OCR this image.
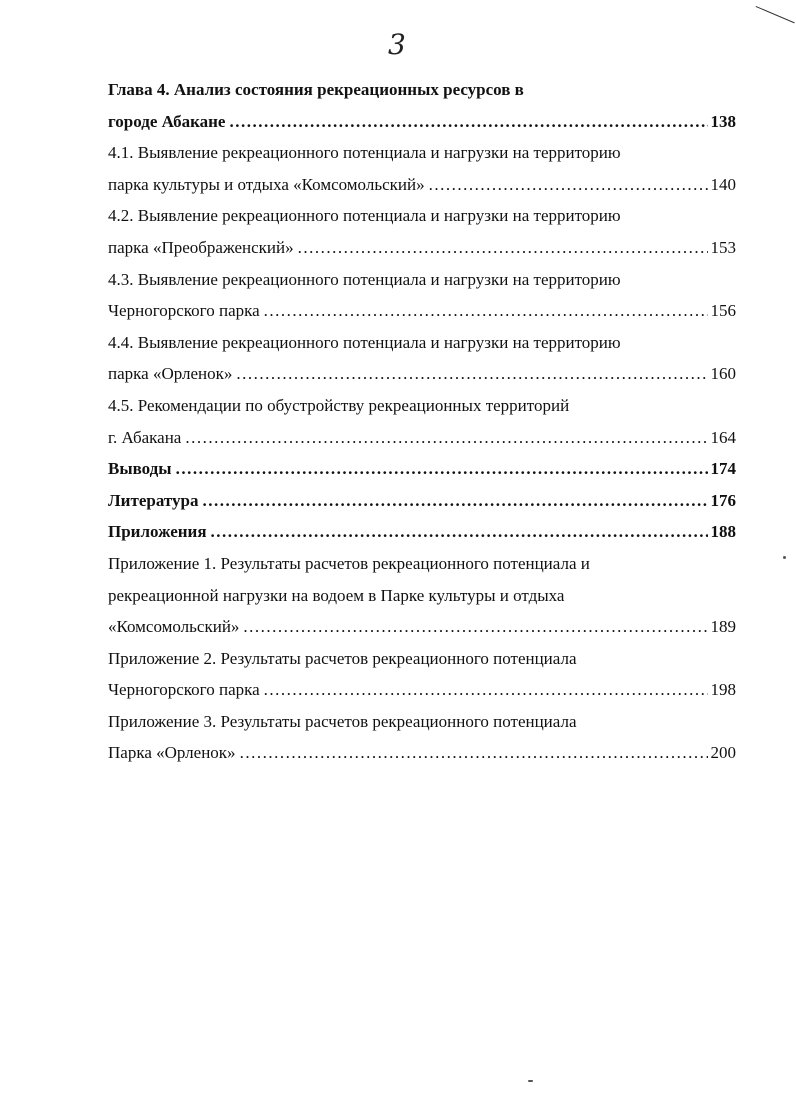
3
Глава 4. Анализ состояния рекреационных ресурсов в
городе Абакане .....	138
4.1. Выявление рекреационного потенциала и нагрузки на территорию
парка культуры и отдыха «Комсомольский» .....	140
4.2. Выявление рекреационного потенциала и нагрузки на территорию
парка «Преображенский» .....	153
4.3. Выявление рекреационного потенциала и нагрузки на территорию
Черногорского парка .....	156
4.4. Выявление рекреационного потенциала и нагрузки на территорию
парка «Орленок» .....	160
4.5. Рекомендации по обустройству рекреационных территорий
г. Абакана .....	164
Выводы .....	174
Литература .....	176
Приложения .....	188
Приложение 1. Результаты расчетов рекреационного потенциала и
рекреационной нагрузки на водоем в Парке культуры и отдыха
«Комсомольский» .....	189
Приложение 2. Результаты расчетов рекреационного потенциала
Черногорского парка .....	198
Приложение 3. Результаты расчетов рекреационного потенциала
Парка «Орленок» .....	200
